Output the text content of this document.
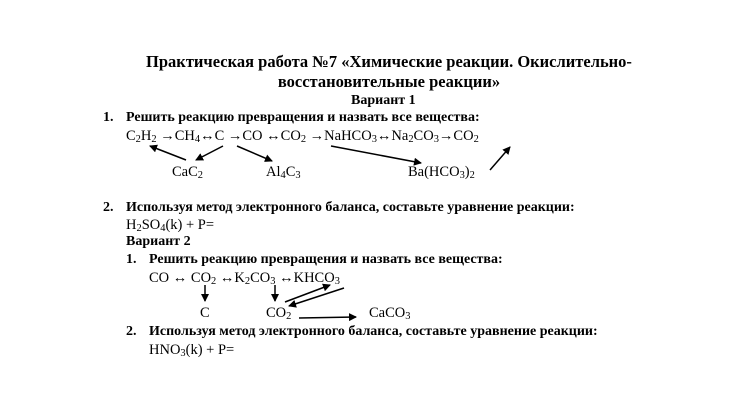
Практическая работа №7 «Химические реакции. Окислительно-
восстановительные реакции»
Вариант 1
1. Решить реакцию превращения и назвать все вещества:
$C_2H_2$ $\to CH_4\leftrightarrow C \to CO$ $\leftrightarrow CO_2$ $\to NaHCO_3\leftrightarrow Na_2CO_3\to CO_2$
CaC$_2$	$Al_4C_3$	$Ba(HCO_3)_2$
2. Используя метод электронного баланса, составьте уравнение реакции:
$H_2SO_4(k) + P=$
Вариант 2
1. Решить реакцию превращения и назвать все вещества:
CO ↔ $CO_2$ $\leftrightarrow K_2CO_3$ $\leftrightarrow KHCO_3$
C	$CO_2$	CaCO$_3$
2. Используя метод электронного баланса, составьте уравнение реакции:
$HNO_3(k) + P=$
